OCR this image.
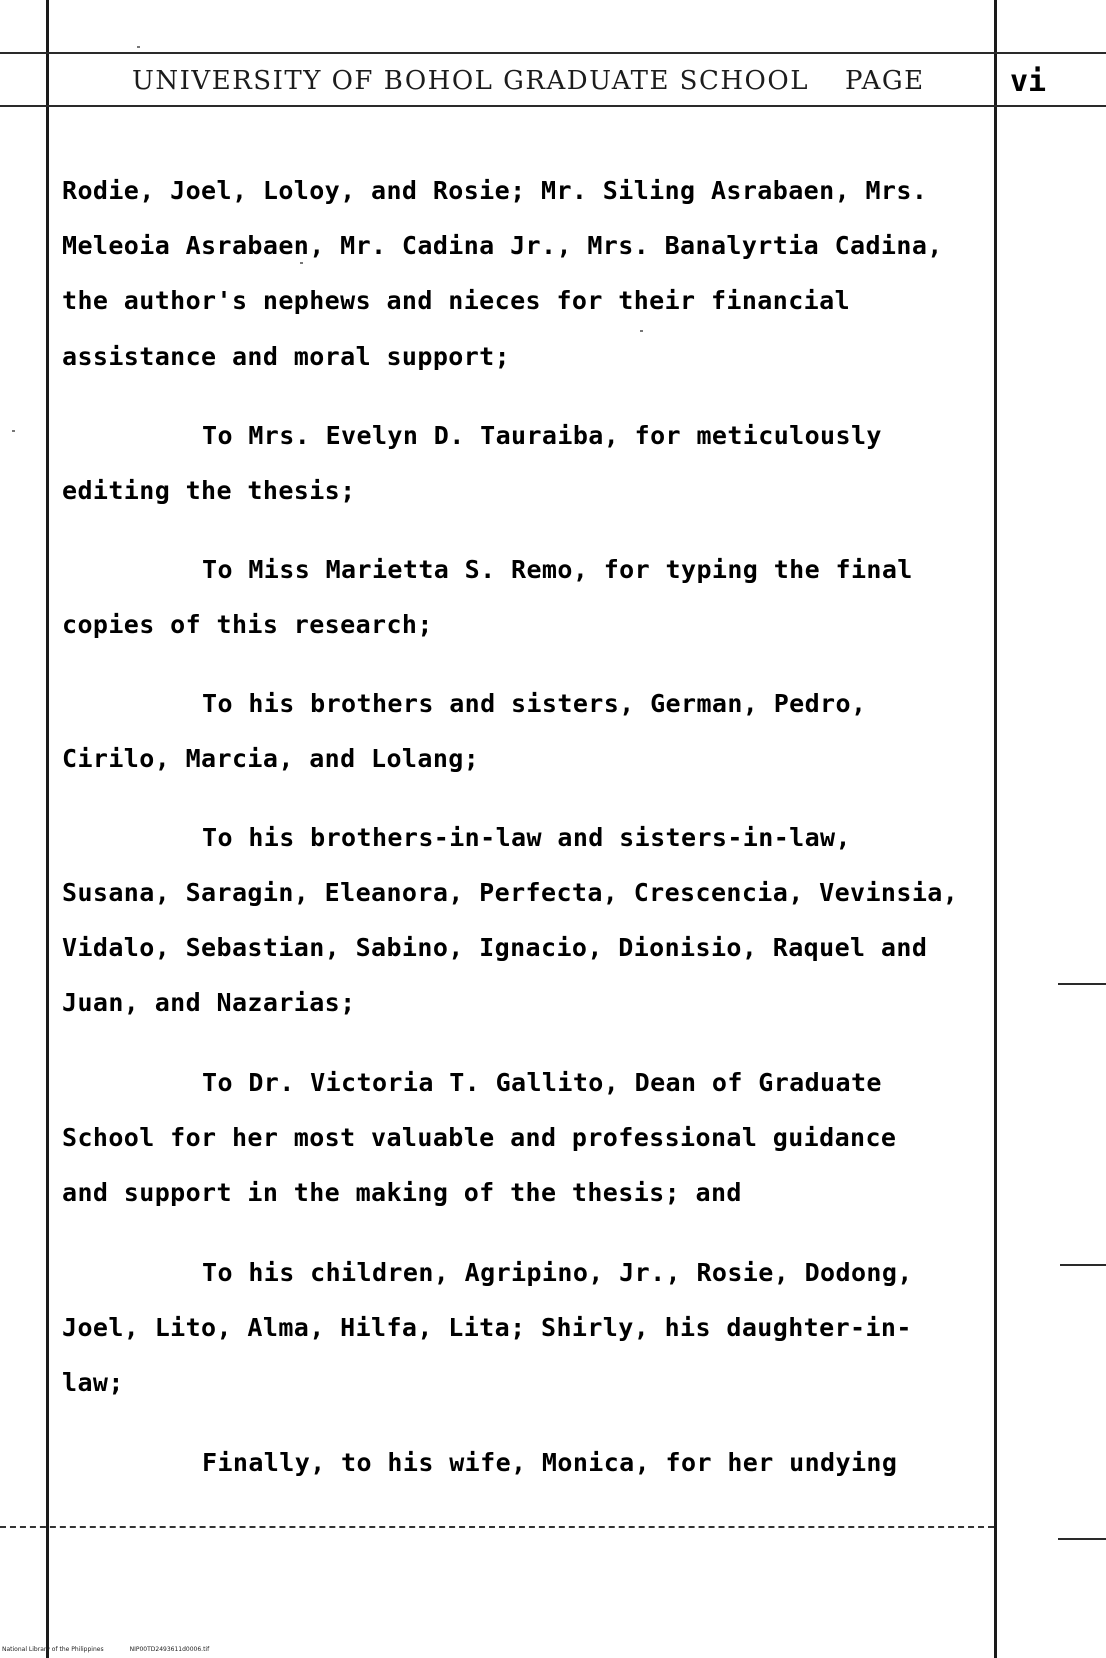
UNIVERSITY OF BOHOL GRADUATE SCHOOL PAGE	vi
Rodie, Joel, Loloy, and Rosie; Mr. Siling Asrabaen, Mrs.
Meleoia Asrabaen, Mr. Cadina Jr., Mrs. Banalyrtia Cadina,
the author's nephews and nieces for their financial
assistance and moral support;
To Mrs. Evelyn D. Tauraiba, for meticulously
editing the thesis;
To Miss Marietta S. Remo, for typing the final
copies of this research;
To his brothers and sisters, German, Pedro,
Cirilo, Marcia, and Lolang;
To his brothers-in-law and sisters-in-law,
Susana, Saragin, Eleanora, Perfecta, Crescencia, Vevinsia,
Vidalo, Sebastian, Sabino, Ignacio, Dionisio, Raquel and
Juan, and Nazarias;
To Dr. Victoria T. Gallito, Dean of Graduate
School for her most valuable and professional guidance
and support in the making of the thesis; and
To his children, Agripino, Jr., Rosie, Dodong,
Joel, Lito, Alma, Hilfa, Lita; Shirly, his daughter-in-
law;
Finally, to his wife, Monica, for her undying
National Library of the Philippines	NIP00TD2493611d0006.tif
